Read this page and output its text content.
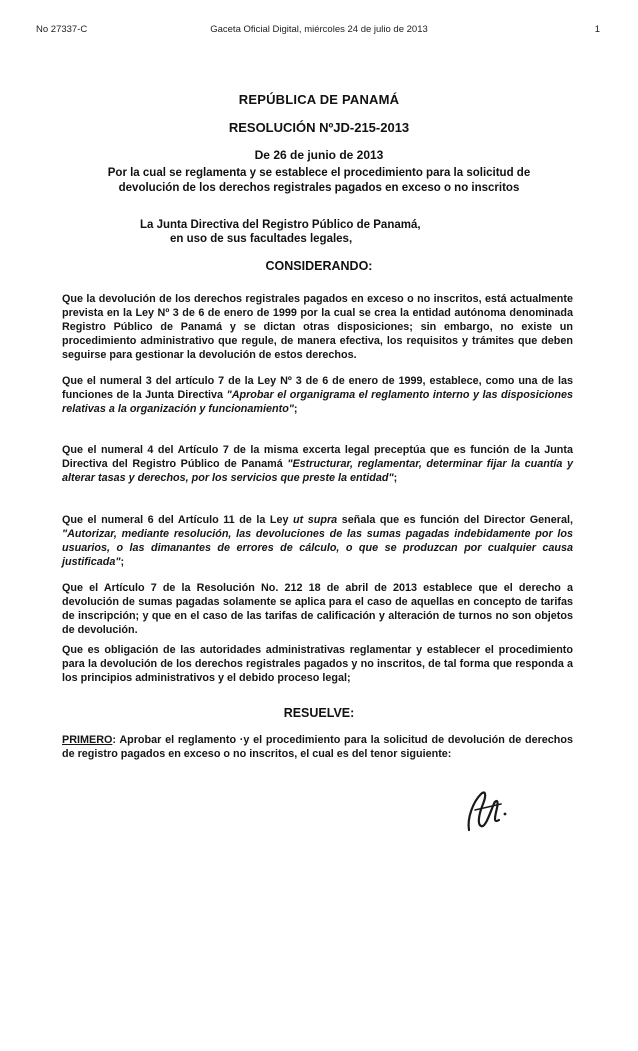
No 27337-C	Gaceta Oficial Digital, miércoles 24 de julio de 2013	1
REPÚBLICA DE PANAMÁ
RESOLUCIÓN NºJD-215-2013
De 26 de junio de 2013
Por la cual se reglamenta y se establece el procedimiento para la solicitud de devolución de los derechos registrales pagados en exceso o no inscritos
La Junta Directiva del Registro Público de Panamá,
en uso de sus facultades legales,
CONSIDERANDO:
Que la devolución de los derechos registrales pagados en exceso o no inscritos, está actualmente prevista en la Ley Nº 3 de 6 de enero de 1999 por la cual se crea la entidad autónoma denominada Registro Público de Panamá y se dictan otras disposiciones; sin embargo, no existe un procedimiento administrativo que regule, de manera efectiva, los requisitos y trámites que deben seguirse para gestionar la devolución de estos derechos.
Que el numeral 3 del artículo 7 de la Ley Nº 3 de 6 de enero de 1999, establece, como una de las funciones de la Junta Directiva "Aprobar el organigrama el reglamento interno y las disposiciones relativas a la organización y funcionamiento";
Que el numeral 4 del Artículo 7 de la misma excerta legal preceptúa que es función de la Junta Directiva del Registro Público de Panamá "Estructurar, reglamentar, determinar fijar la cuantía y alterar tasas y derechos, por los servicios que preste la entidad";
Que el numeral 6 del Artículo 11 de la Ley ut supra señala que es función del Director General, "Autorizar, mediante resolución, las devoluciones de las sumas pagadas indebidamente por los usuarios, o las dimanantes de errores de cálculo, o que se produzcan por cualquier causa justificada";
Que el Artículo 7 de la Resolución No. 212 18 de abril de 2013 establece que el derecho a devolución de sumas pagadas solamente se aplica para el caso de aquellas en concepto de tarifas de inscripción; y que en el caso de las tarifas de calificación y alteración de turnos no son objetos de devolución.
Que es obligación de las autoridades administrativas reglamentar y establecer el procedimiento para la devolución de los derechos registrales pagados y no inscritos, de tal forma que responda a los principios administrativos y el debido proceso legal;
RESUELVE:
PRIMERO: Aprobar el reglamento ·y el procedimiento para la solicitud de devolución de derechos de registro pagados en exceso o no inscritos, el cual es del tenor siguiente:
